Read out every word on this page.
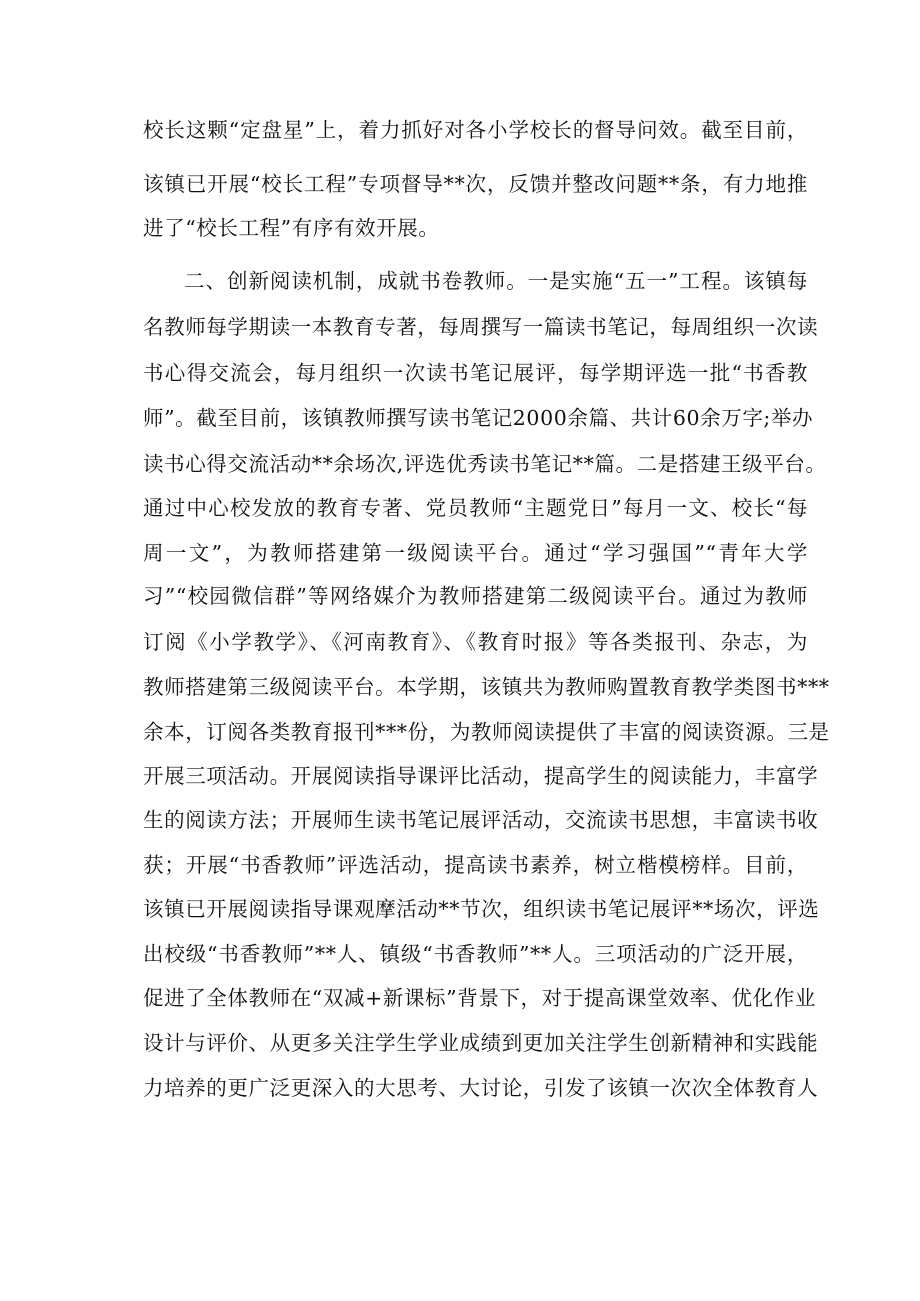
校长这颗“定盘星”上，着力抓好对各小学校长的督导问效。截至目前，
该镇已开展“校长工程”专项督导**次，反馈并整改问题**条，有力地推
进了“校长工程”有序有效开展。
二、创新阅读机制，成就书卷教师。一是实施“五一”工程。该镇每
名教师每学期读一本教育专著，每周撰写一篇读书笔记，每周组织一次读
书心得交流会，每月组织一次读书笔记展评，每学期评选一批“书香教
师”。截至目前，该镇教师撰写读书笔记2000余篇、共计60余万字;举办
读书心得交流活动**余场次,评选优秀读书笔记**篇。二是搭建王级平台。
通过中心校发放的教育专著、党员教师“主题党日”每月一文、校长“每
周一文”，为教师搭建第一级阅读平台。通过“学习强国”“青年大学
习”“校园微信群”等网络媒介为教师搭建第二级阅读平台。通过为教师
订阅《小学教学》、《河南教育》、《教育时报》等各类报刊、杂志，为
教师搭建第三级阅读平台。本学期，该镇共为教师购置教育教学类图书***
余本，订阅各类教育报刊***份，为教师阅读提供了丰富的阅读资源。三是
开展三项活动。开展阅读指导课评比活动，提高学生的阅读能力，丰富学
生的阅读方法；开展师生读书笔记展评活动，交流读书思想，丰富读书收
获；开展“书香教师”评选活动，提高读书素养，树立楷模榜样。目前，
该镇已开展阅读指导课观摩活动**节次，组织读书笔记展评**场次，评选
出校级“书香教师”**人、镇级“书香教师”**人。三项活动的广泛开展，
促进了全体教师在“双减+新课标”背景下，对于提高课堂效率、优化作业
设计与评价、从更多关注学生学业成绩到更加关注学生创新精神和实践能
力培养的更广泛更深入的大思考、大讨论，引发了该镇一次次全体教育人
